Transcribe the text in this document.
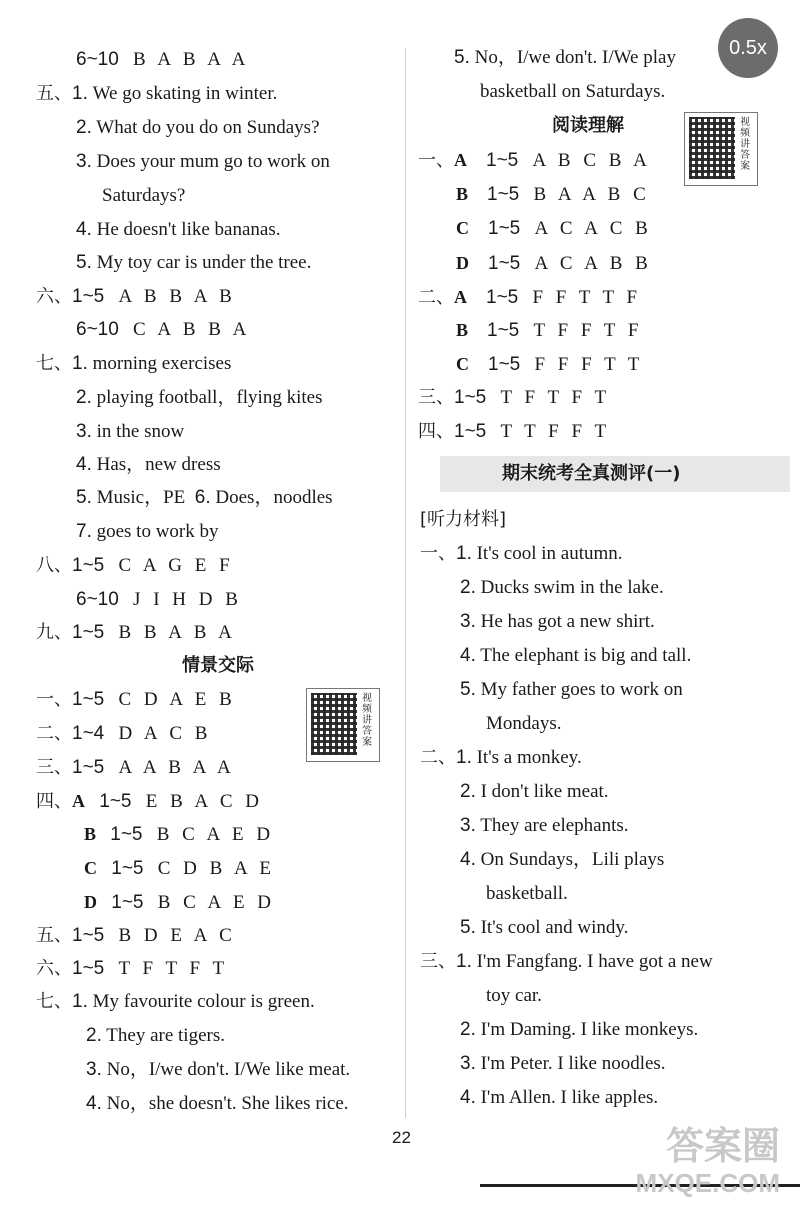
6~10 B A B A A
五、1. We go skating in winter.
2. What do you do on Sundays?
3. Does your mum go to work on
Saturdays?
4. He doesn't like bananas.
5. My toy car is under the tree.
六、1~5 A B B A B
6~10 C A B B A
七、1. morning exercises
2. playing football，flying kites
3. in the snow
4. Has，new dress
5. Music，PE 6. Does，noodles
7. goes to work by
八、1~5 C A G E F
6~10 J I H D B
九、1~5 B B A B A
情景交际
一、1~5 C D A E B
二、1~4 D A C B
三、1~5 A A B A A
四、A 1~5 E B A C D
B 1~5 B C A E D
C 1~5 C D B A E
D 1~5 B C A E D
五、1~5 B D E A C
六、1~5 T F T F T
七、1. My favourite colour is green.
2. They are tigers.
3. No，I/we don't. I/We like meat.
4. No，she doesn't. She likes rice.
视频讲答案
5. No，I/we don't. I/We play
basketball on Saturdays.
阅读理解
一、A 1~5 A B C B A
B 1~5 B A A B C
C 1~5 A C A C B
D 1~5 A C A B B
二、A 1~5 F F T T F
B 1~5 T F F T F
C 1~5 F F F T T
三、1~5 T F T F T
四、1~5 T T F F T
视频讲答案
期末统考全真测评(一)
[听力材料]
一、1. It's cool in autumn.
2. Ducks swim in the lake.
3. He has got a new shirt.
4. The elephant is big and tall.
5. My father goes to work on
Mondays.
二、1. It's a monkey.
2. I don't like meat.
3. They are elephants.
4. On Sundays，Lili plays
basketball.
5. It's cool and windy.
三、1. I'm Fangfang. I have got a new
toy car.
2. I'm Daming. I like monkeys.
3. I'm Peter. I like noodles.
4. I'm Allen. I like apples.
0.5x
22	答案圈
MXQE.COM
